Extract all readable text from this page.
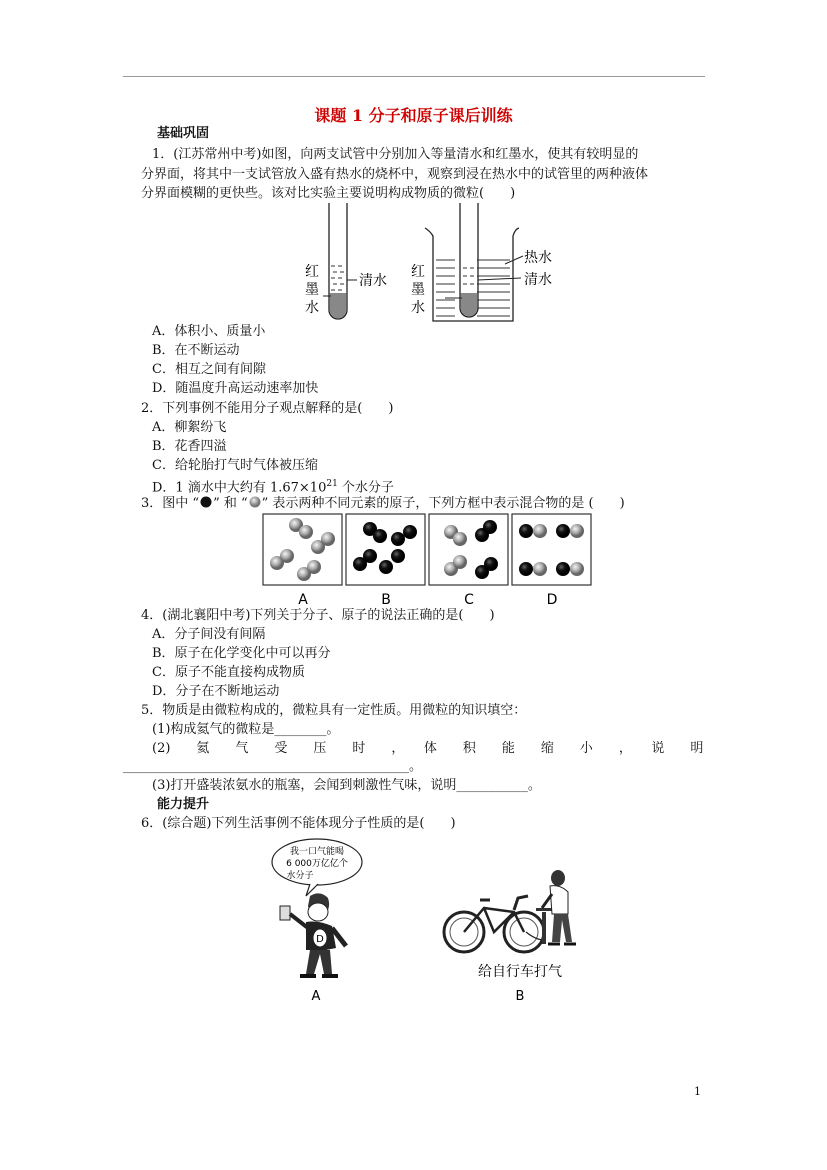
课题 1 分子和原子课后训练
基础巩固
1．(江苏常州中考)如图，向两支试管中分别加入等量清水和红墨水，使其有较明显的
分界面，将其中一支试管放入盛有热水的烧杯中，观察到浸在热水中的试管里的两种液体
分界面模糊的更快些。该对比实验主要说明构成物质的微粒(　　)
红
墨
水
清水
红
墨
水
热水
清水
A．体积小、质量小
B．在不断运动
C．相互之间有间隙
D．随温度升高运动速率加快
2．下列事例不能用分子观点解释的是(　　)
A．柳絮纷飞
B．花香四溢
C．给轮胎打气时气体被压缩
D．1 滴水中大约有 $1.67\times 10^{21}$ 个水分子
3．图中 “ ” 和 “ ” 表示两种不同元素的原子，下列方框中表示混合物的是 (　　)
A	B	C	D
4．(湖北襄阳中考)下列关于分子、原子的说法正确的是(　　)
A．分子间没有间隔
B．原子在化学变化中可以再分
C．原子不能直接构成物质
D．分子在不断地运动
5．物质是由微粒构成的，微粒具有一定性质。用微粒的知识填空：
(1)构成氦气的微粒是________。
(2)　　氦　　气　　受　　压　　时　　，　　体　　积　　能　　缩　　小　　，　　说　　明
____________________________________________。
(3)打开盛装浓氨水的瓶塞，会闻到刺激性气味，说明___________。
能力提升
6．(综合题)下列生活事例不能体现分子性质的是(　　)
我一口气能喝
6 000万亿亿个
水分子
D
A
给自行车打气
B
1
